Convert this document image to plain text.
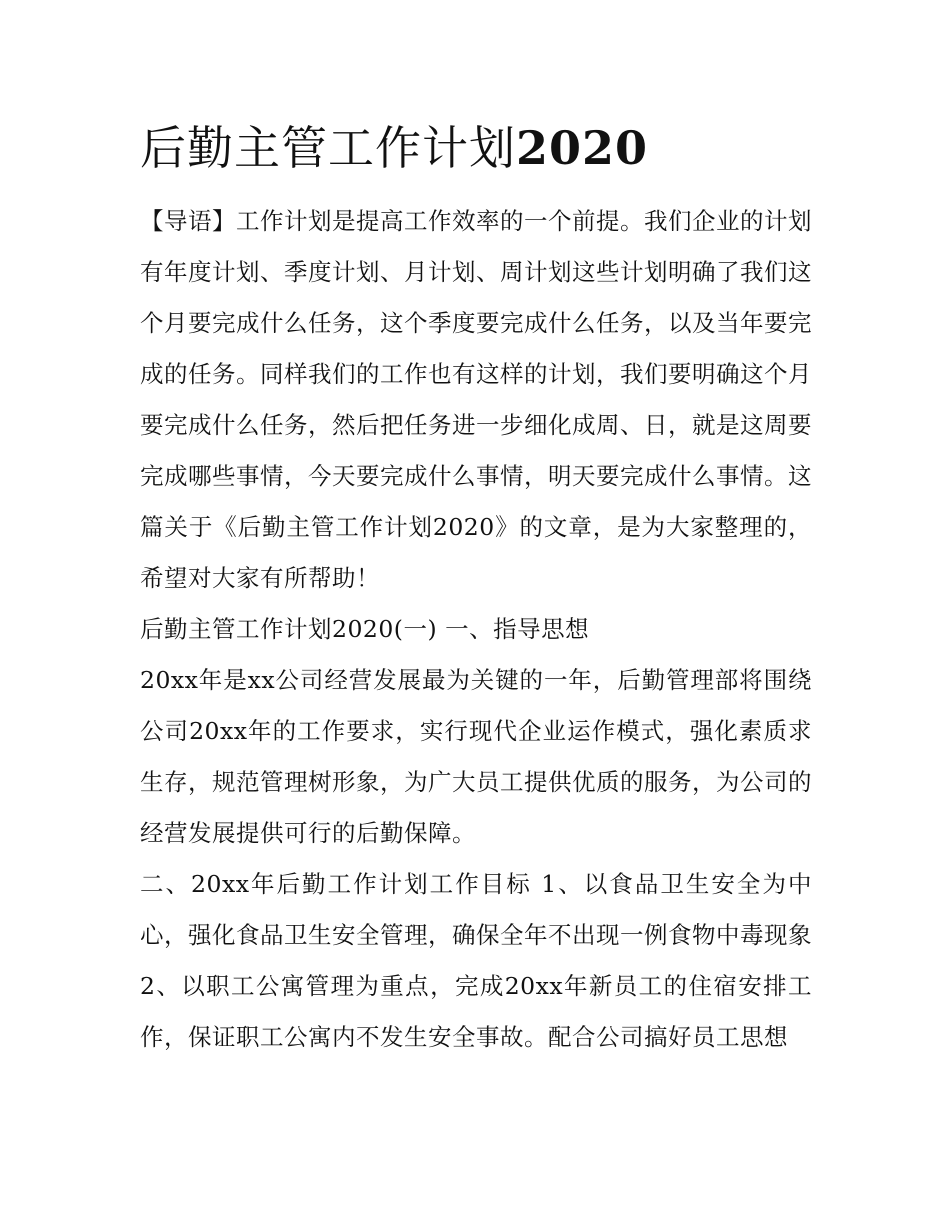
后勤主管工作计划2020

【导语】工作计划是提高工作效率的一个前提。我们企业的计划有年度计划、季度计划、月计划、周计划这些计划明确了我们这个月要完成什么任务，这个季度要完成什么任务，以及当年要完成的任务。同样我们的工作也有这样的计划，我们要明确这个月要完成什么任务，然后把任务进一步细化成周、日，就是这周要完成哪些事情，今天要完成什么事情，明天要完成什么事情。这篇关于《后勤主管工作计划2020》的文章，是为大家整理的，希望对大家有所帮助！

后勤主管工作计划2020(一) 一、指导思想

20xx年是xx公司经营发展最为关键的一年，后勤管理部将围绕公司20xx年的工作要求，实行现代企业运作模式，强化素质求生存，规范管理树形象，为广大员工提供优质的服务，为公司的经营发展提供可行的后勤保障。

二、20xx年后勤工作计划工作目标 1、以食品卫生安全为中心，强化食品卫生安全管理，确保全年不出现一例食物中毒现象

2、以职工公寓管理为重点，完成20xx年新员工的住宿安排工作，保证职工公寓内不发生安全事故。配合公司搞好员工思想
